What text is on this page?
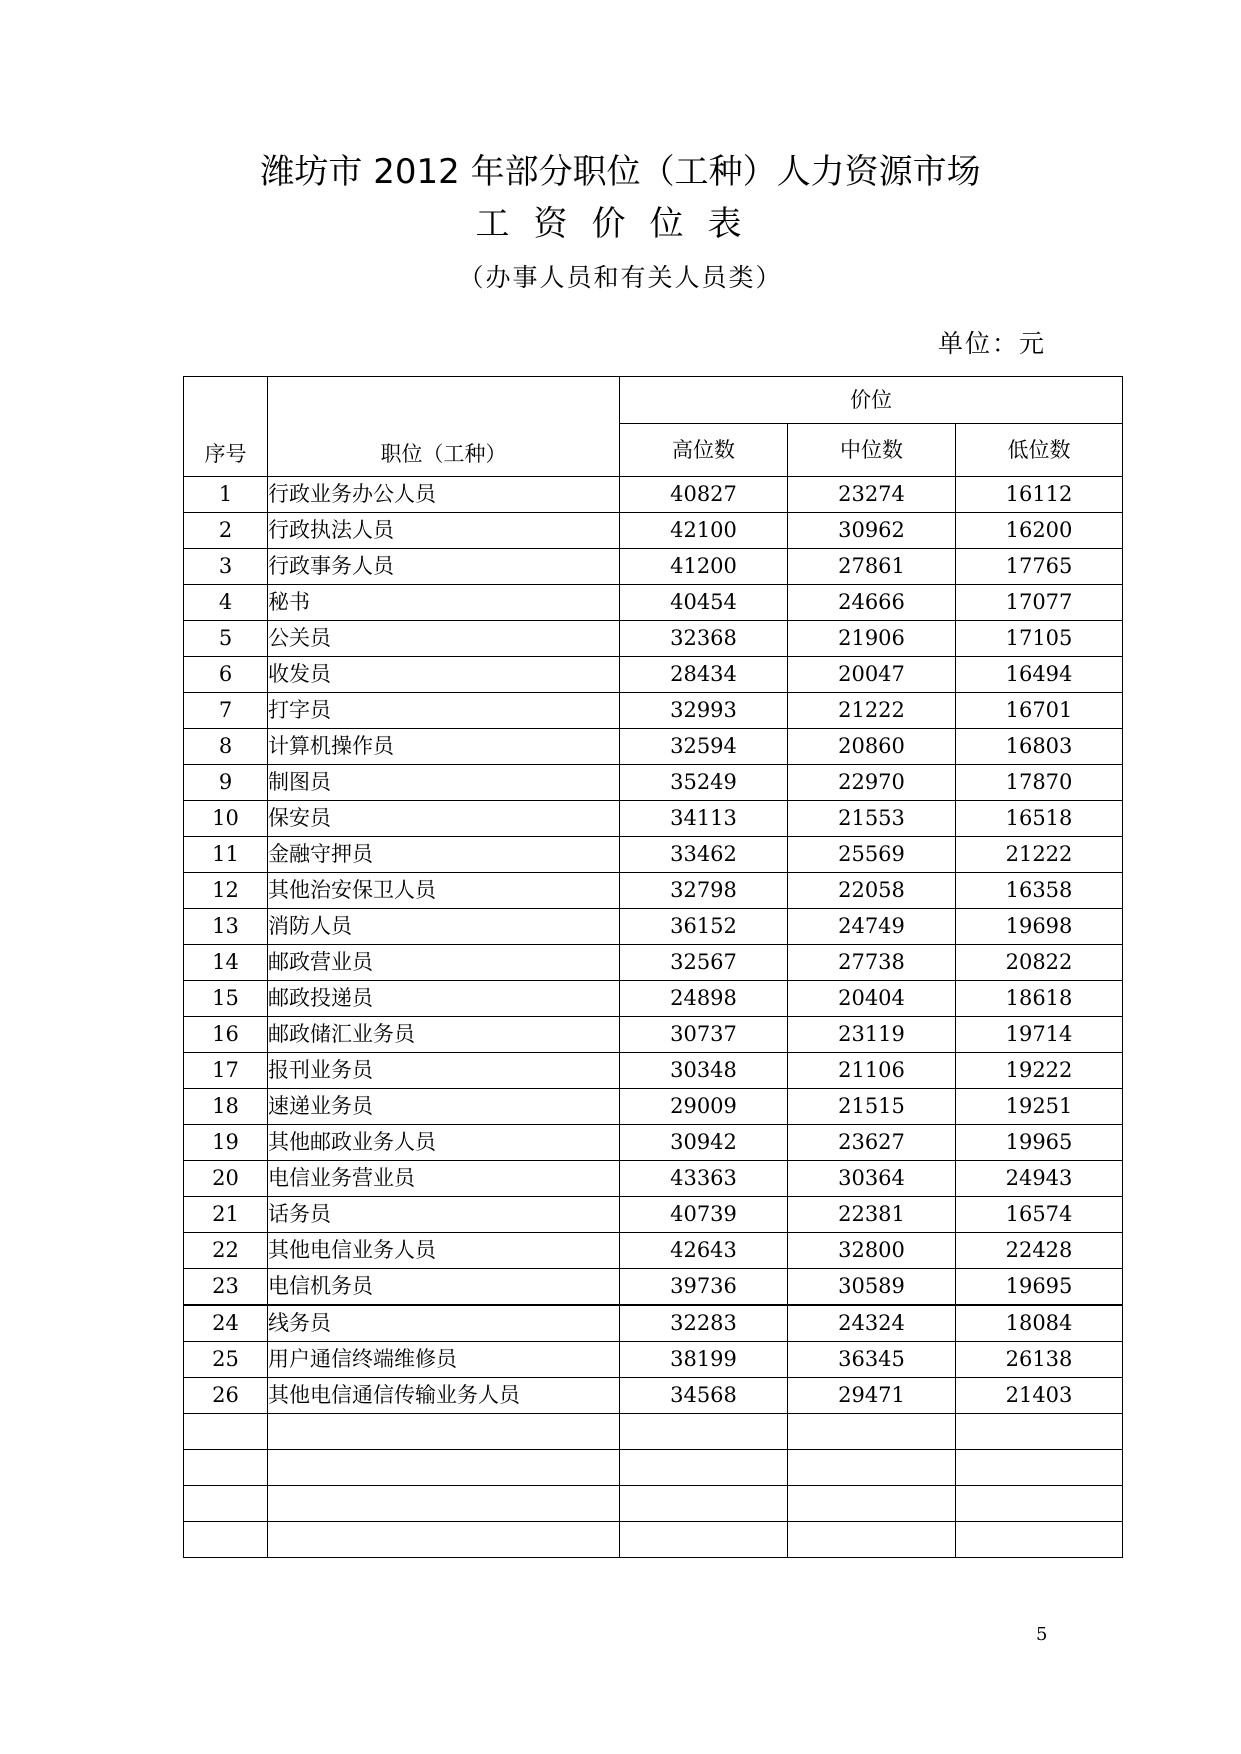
潍坊市 2012 年部分职位（工种）人力资源市场
工资价位表
（办事人员和有关人员类）
单位：元
序号	职位（工种）	价位		
		高位数	中位数	低位数
1	行政业务办公人员	40827	23274	16112
2	行政执法人员	42100	30962	16200
3	行政事务人员	41200	27861	17765
4	秘书	40454	24666	17077
5	公关员	32368	21906	17105
6	收发员	28434	20047	16494
7	打字员	32993	21222	16701
8	计算机操作员	32594	20860	16803
9	制图员	35249	22970	17870
10	保安员	34113	21553	16518
11	金融守押员	33462	25569	21222
12	其他治安保卫人员	32798	22058	16358
13	消防人员	36152	24749	19698
14	邮政营业员	32567	27738	20822
15	邮政投递员	24898	20404	18618
16	邮政储汇业务员	30737	23119	19714
17	报刊业务员	30348	21106	19222
18	速递业务员	29009	21515	19251
19	其他邮政业务人员	30942	23627	19965
20	电信业务营业员	43363	30364	24943
21	话务员	40739	22381	16574
22	其他电信业务人员	42643	32800	22428
23	电信机务员	39736	30589	19695
24	线务员	32283	24324	18084
25	用户通信终端维修员	38199	36345	26138
26	其他电信通信传输业务人员	34568	29471	21403

5
